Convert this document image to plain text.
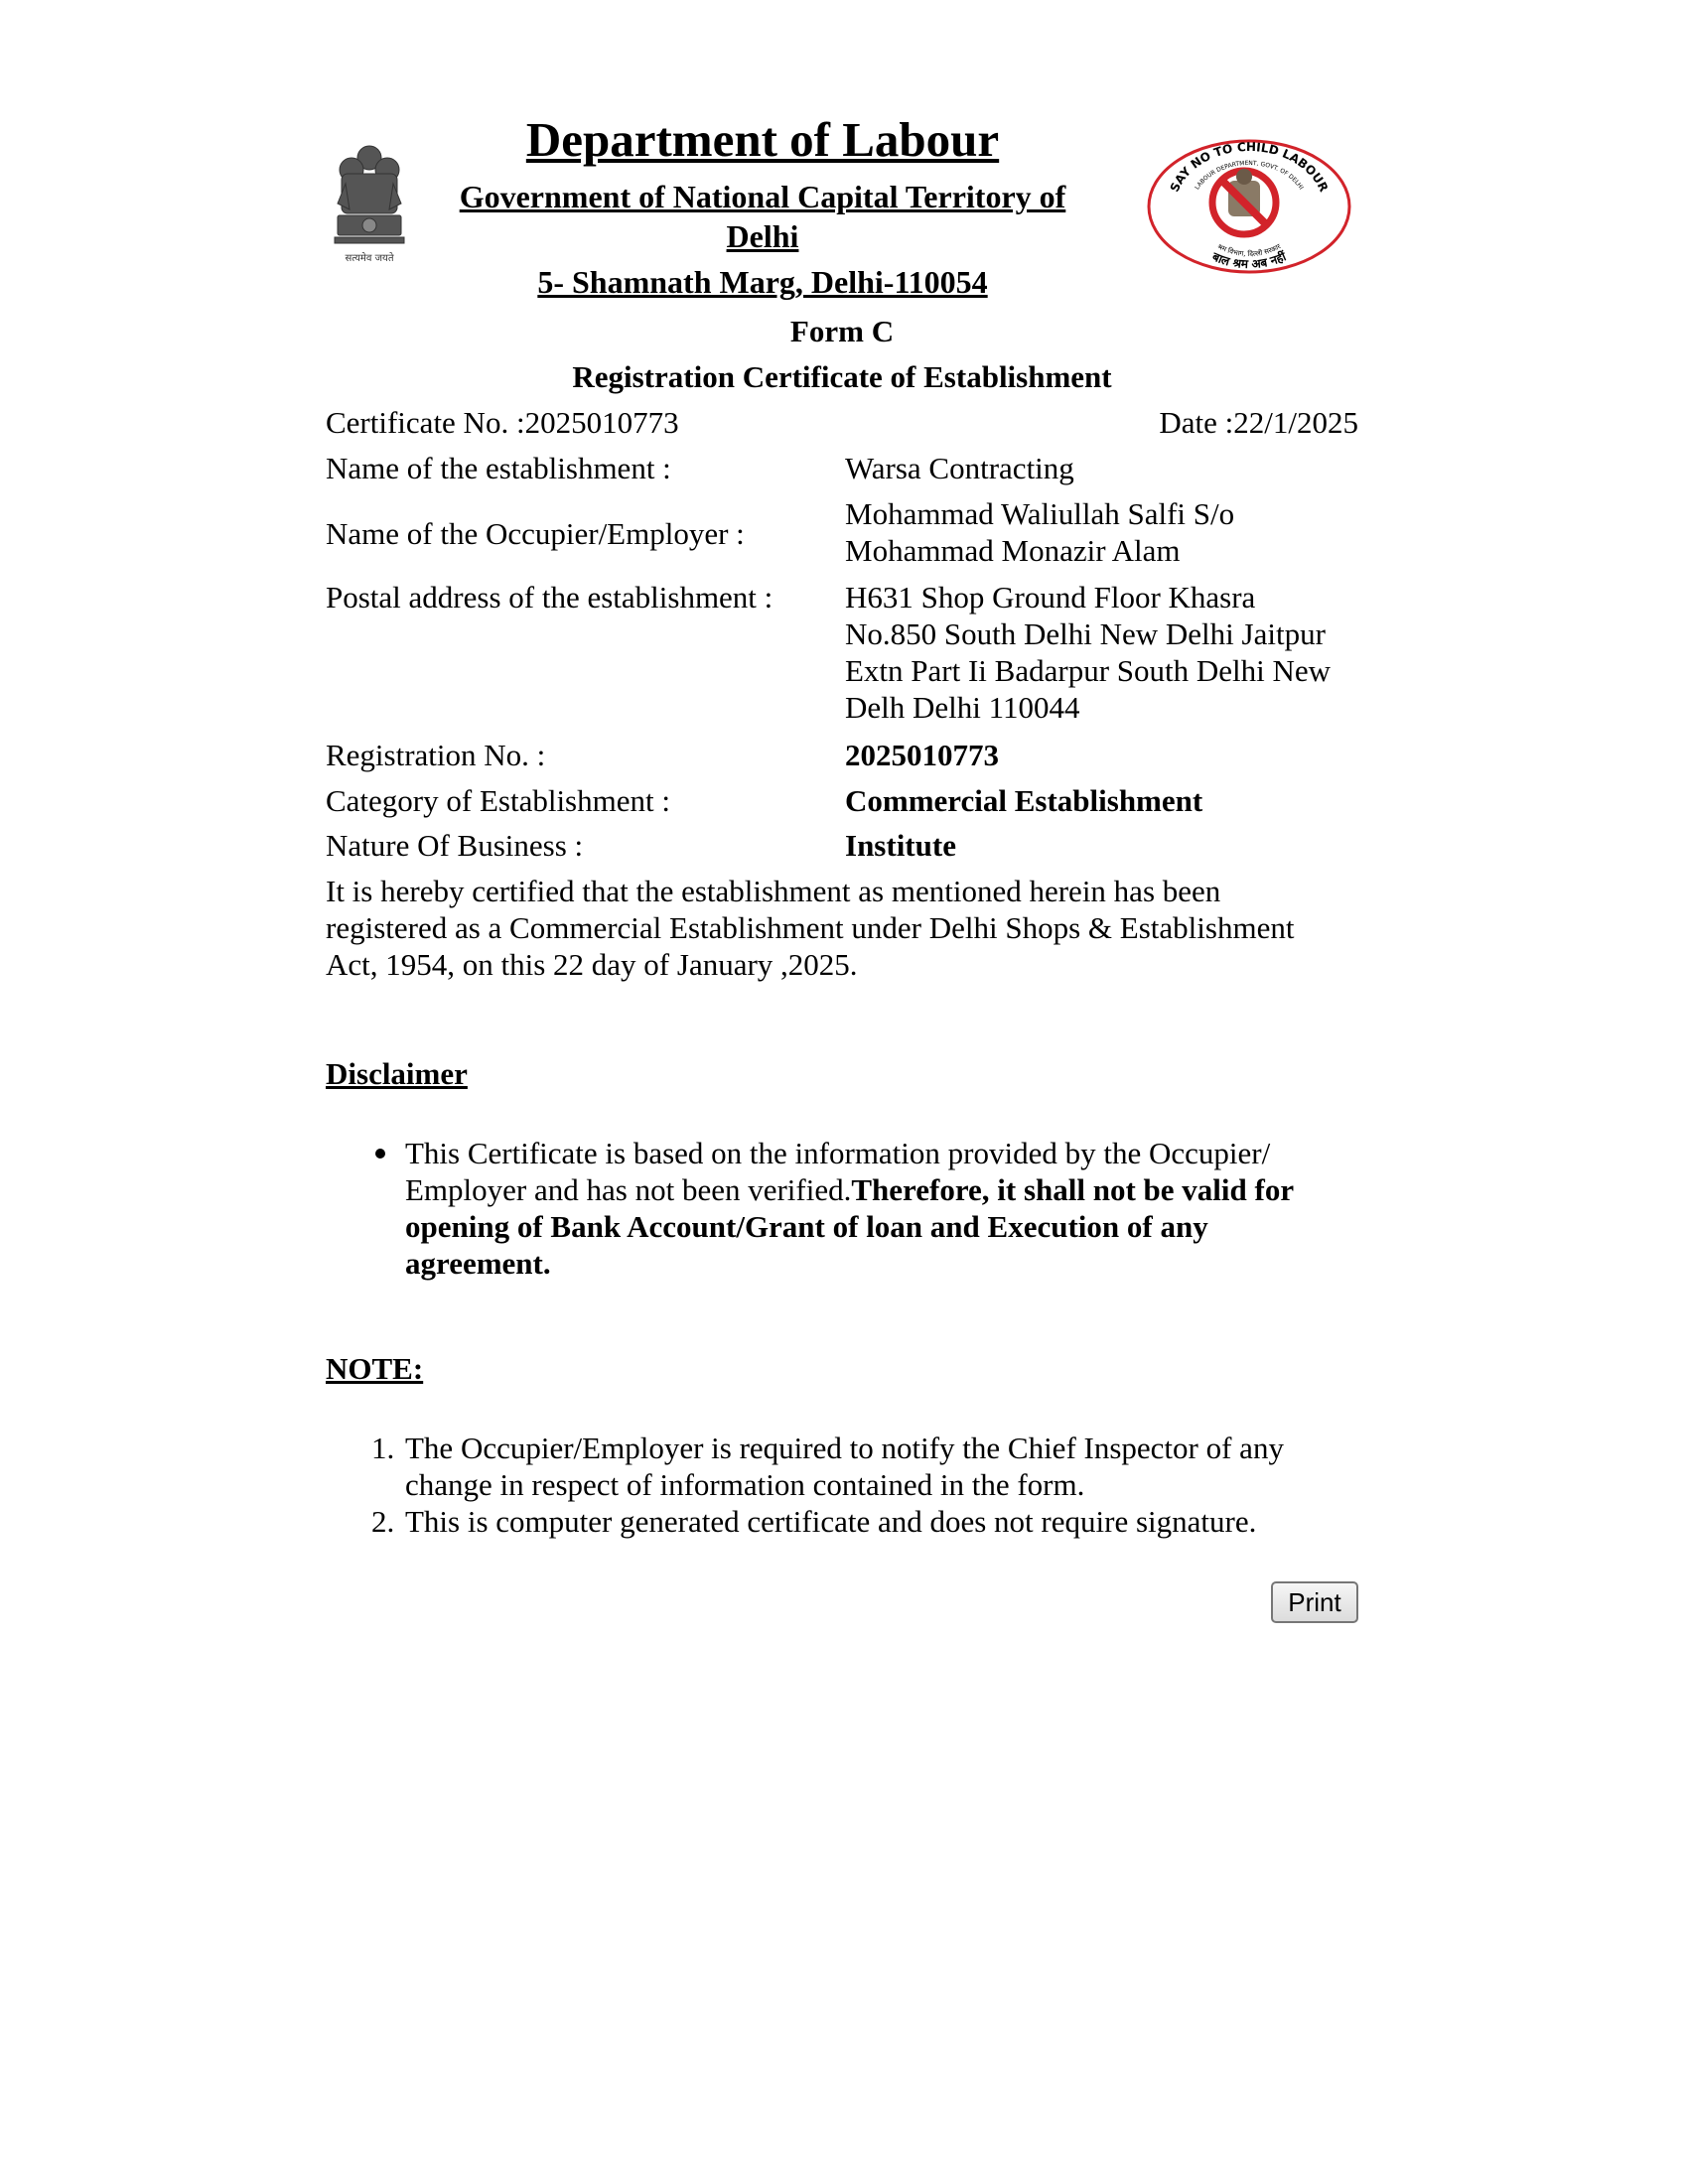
सत्यमेव जयते

Department of Labour

Government of National Capital Territory of Delhi

5- Shamnath Marg, Delhi-110054

SAY NO TO CHILD LABOUR
LABOUR DEPARTMENT, GOVT. OF DELHI
बाल श्रम अब नहीं
श्रम विभाग, दिल्ली सरकार
Form C
Registration Certificate of Establishment
Certificate No. :2025010773	Date :22/1/2025
Name of the establishment :	Warsa Contracting
Name of the Occupier/Employer :
Mohammad Waliullah Salfi S/o Mohammad Monazir Alam
Postal address of the establishment : H631 Shop Ground Floor Khasra No.850 South Delhi New Delhi Jaitpur Extn Part Ii Badarpur South Delhi New Delh Delhi 110044
Registration No. :	2025010773
Category of Establishment :	Commercial Establishment
Nature Of Business :	Institute
It is hereby certified that the establishment as mentioned herein has been registered as a Commercial Establishment under Delhi Shops & Establishment Act, 1954, on this 22 day of January ,2025.
Disclaimer
This Certificate is based on the information provided by the Occupier/ Employer and has not been verified.Therefore, it shall not be valid for opening of Bank Account/Grant of loan and Execution of any agreement.
NOTE:
1. The Occupier/Employer is required to notify the Chief Inspector of any change in respect of information contained in the form.
2. This is computer generated certificate and does not require signature.
Print
